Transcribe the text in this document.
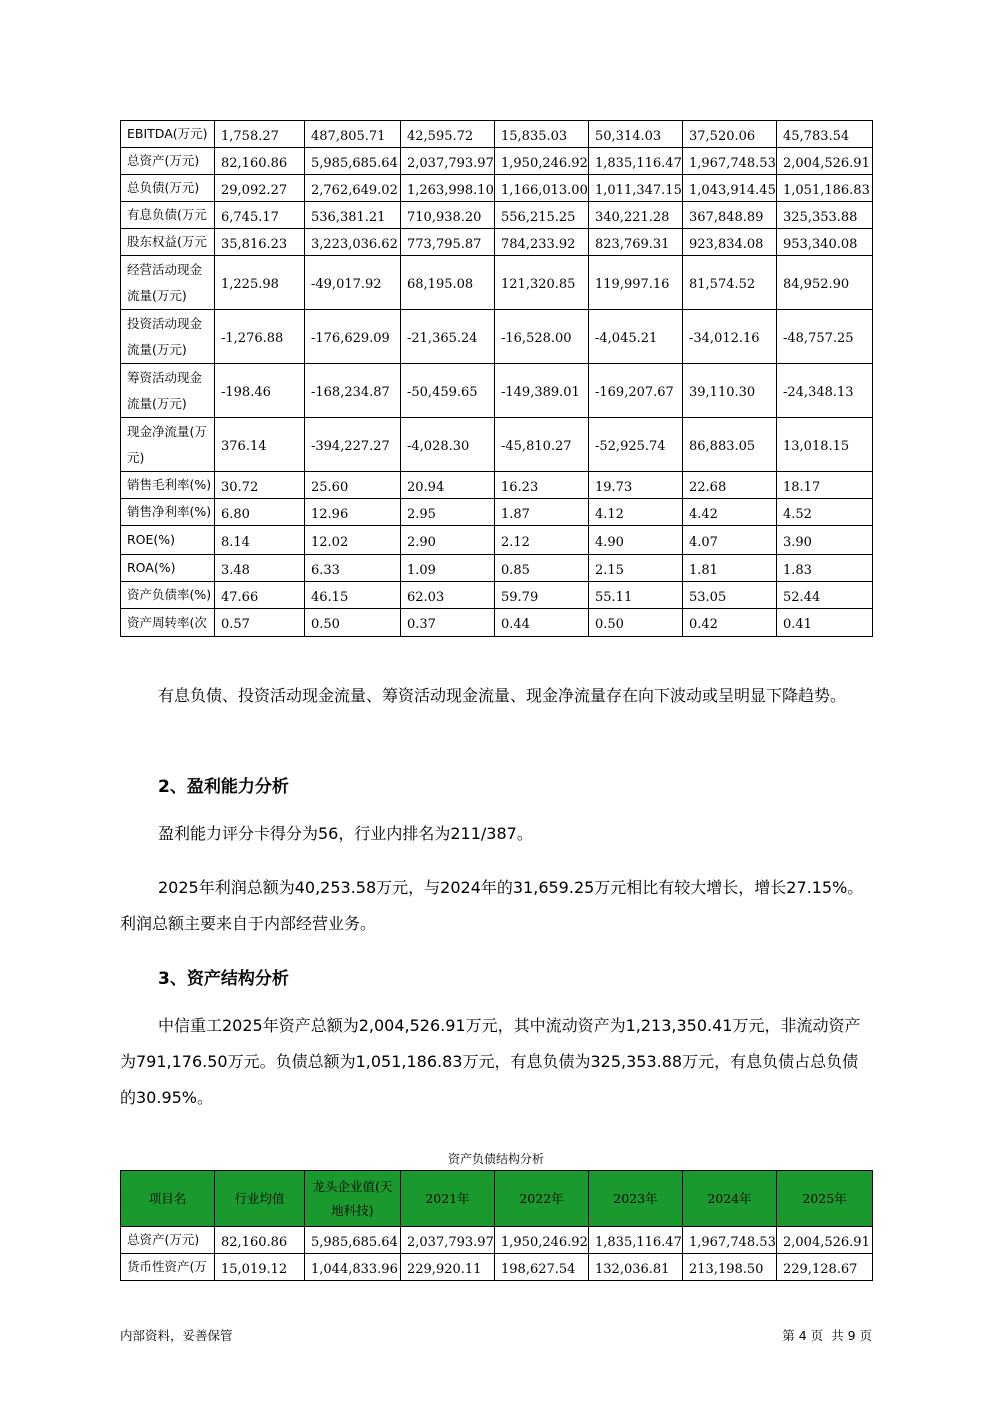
EBITDA(万元)	1,758.27	487,805.71	42,595.72	15,835.03	50,314.03	37,520.06	45,783.54
总资产(万元)	82,160.86	5,985,685.64	2,037,793.97	1,950,246.92	1,835,116.47	1,967,748.53	2,004,526.91
总负债(万元)	29,092.27	2,762,649.02	1,263,998.10	1,166,013.00	1,011,347.15	1,043,914.45	1,051,186.83
有息负债(万元	6,745.17	536,381.21	710,938.20	556,215.25	340,221.28	367,848.89	325,353.88
股东权益(万元	35,816.23	3,223,036.62	773,795.87	784,233.92	823,769.31	923,834.08	953,340.08
经营活动现金流量(万元)	1,225.98	-49,017.92	68,195.08	121,320.85	119,997.16	81,574.52	84,952.90
投资活动现金流量(万元)	-1,276.88	-176,629.09	-21,365.24	-16,528.00	-4,045.21	-34,012.16	-48,757.25
筹资活动现金流量(万元)	-198.46	-168,234.87	-50,459.65	-149,389.01	-169,207.67	39,110.30	-24,348.13
现金净流量(万元)	376.14	-394,227.27	-4,028.30	-45,810.27	-52,925.74	86,883.05	13,018.15
销售毛利率(%)	30.72	25.60	20.94	16.23	19.73	22.68	18.17
销售净利率(%)	6.80	12.96	2.95	1.87	4.12	4.42	4.52
ROE(%)	8.14	12.02	2.90	2.12	4.90	4.07	3.90
ROA(%)	3.48	6.33	1.09	0.85	2.15	1.81	1.83
资产负债率(%)	47.66	46.15	62.03	59.79	55.11	53.05	52.44
资产周转率(次	0.57	0.50	0.37	0.44	0.50	0.42	0.41
有息负债、投资活动现金流量、筹资活动现金流量、现金净流量存在向下波动或呈明显下降趋势。
2、盈利能力分析
盈利能力评分卡得分为56，行业内排名为211/387。
2025年利润总额为40,253.58万元，与2024年的31,659.25万元相比有较大增长，增长27.15%。利润总额主要来自于内部经营业务。
3、资产结构分析
中信重工2025年资产总额为2,004,526.91万元，其中流动资产为1,213,350.41万元，非流动资产为791,176.50万元。负债总额为1,051,186.83万元，有息负债为325,353.88万元，有息负债占总负债的30.95%。
资产负债结构分析
项目名	行业均值	龙头企业值(天地科技)	2021年	2022年	2023年	2024年	2025年
总资产(万元)	82,160.86	5,985,685.64	2,037,793.97	1,950,246.92	1,835,116.47	1,967,748.53	2,004,526.91
货币性资产(万	15,019.12	1,044,833.96	229,920.11	198,627.54	132,036.81	213,198.50	229,128.67
内部资料，妥善保管	第 4 页  共 9 页
